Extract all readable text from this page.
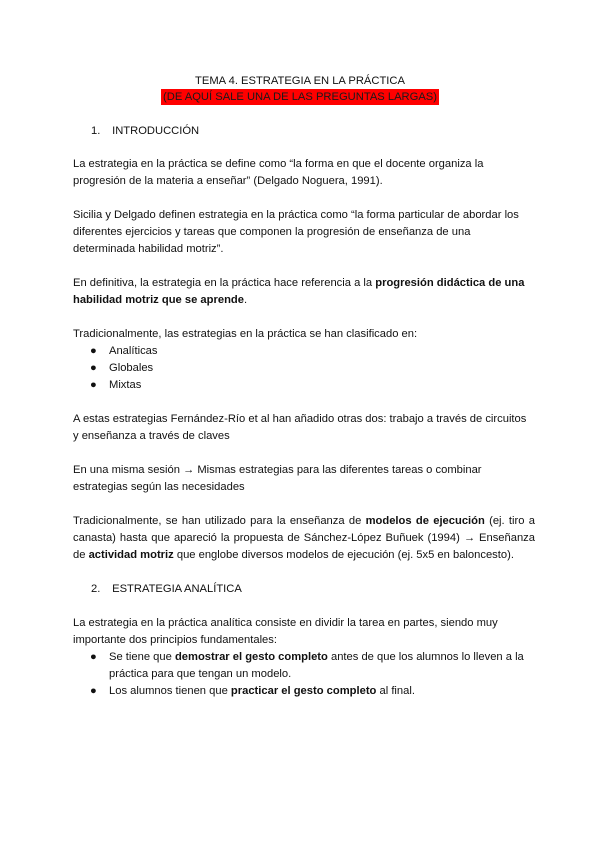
TEMA 4. ESTRATEGIA EN LA PRÁCTICA
(DE AQUÍ SALE UNA DE LAS PREGUNTAS LARGAS)
1. INTRODUCCIÓN
La estrategia en la práctica se define como “la forma en que el docente organiza la progresión de la materia a enseñar” (Delgado Noguera, 1991).
Sicilia y Delgado definen estrategia en la práctica como “la forma particular de abordar los diferentes ejercicios y tareas que componen la progresión de enseñanza de una determinada habilidad motriz”.
En definitiva, la estrategia en la práctica hace referencia a la progresión didáctica de una habilidad motriz que se aprende.
Tradicionalmente, las estrategias en la práctica se han clasificado en:
● Analíticas
● Globales
● Mixtas
A estas estrategias Fernández-Río et al han añadido otras dos: trabajo a través de circuitos y enseñanza a través de claves
En una misma sesión → Mismas estrategias para las diferentes tareas o combinar estrategias según las necesidades
Tradicionalmente, se han utilizado para la enseñanza de modelos de ejecución (ej. tiro a canasta) hasta que apareció la propuesta de Sánchez-López Buñuek (1994) → Enseñanza de actividad motriz que englobe diversos modelos de ejecución (ej. 5x5 en baloncesto).
2. ESTRATEGIA ANALÍTICA
La estrategia en la práctica analítica consiste en dividir la tarea en partes, siendo muy importante dos principios fundamentales:
● Se tiene que demostrar el gesto completo antes de que los alumnos lo lleven a la práctica para que tengan un modelo.
● Los alumnos tienen que practicar el gesto completo al final.
